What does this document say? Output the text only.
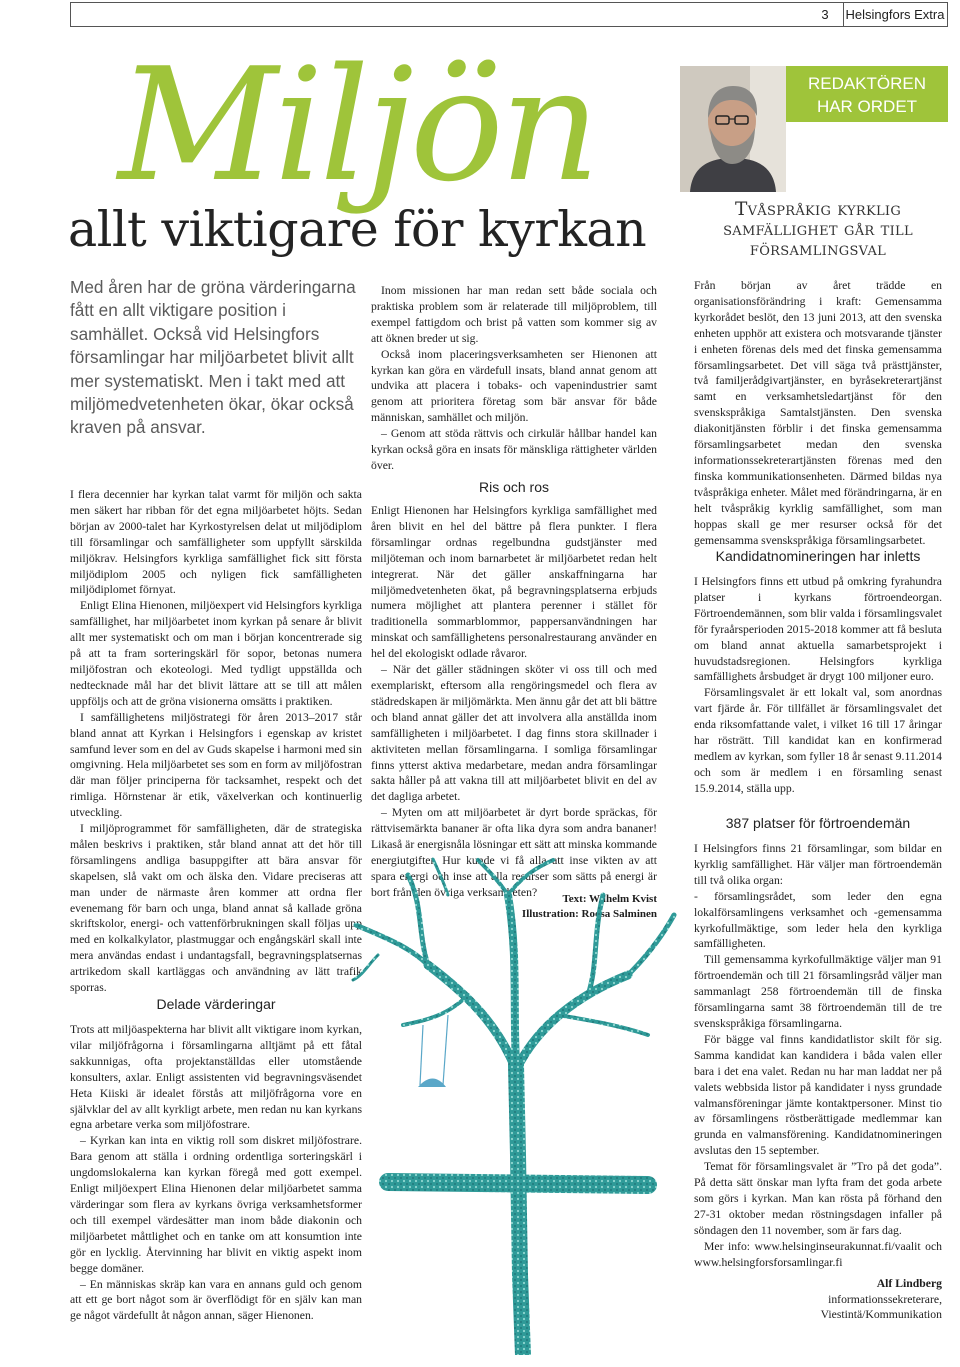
3	Helsingfors Extra
Miljön
allt viktigare för kyrkan
Med åren har de gröna värderingarna fått en allt viktigare position i samhället. Också vid Helsingfors församlingar har miljöarbetet blivit allt mer systematiskt. Men i takt med att miljömedvetenheten ökar, ökar också kraven på ansvar.

I flera decennier har kyrkan talat varmt för miljön och sakta men säkert har ribban för det egna miljöarbetet höjts. Sedan början av 2000-talet har Kyrkostyrelsen delat ut miljödiplom till församlingar och samfälligheter som uppfyllt särskilda miljökrav. Helsingfors kyrkliga samfällighet fick sitt första miljödiplom 2005 och nyligen fick samfälligheten miljödiplomet förnyat.

Enligt Elina Hienonen, miljöexpert vid Helsingfors kyrkliga samfällighet, har miljöarbetet inom kyrkan på senare år blivit allt mer systematiskt och om man i början koncentrerade sig på att ta fram sorteringskärl för sopor, betonas numera miljöfostran och ekoteologi. Med tydligt uppställda och nedtecknade mål har det blivit lättare att se till att målen uppföljs och att de gröna visionerna omsätts i praktiken.

I samfällighetens miljöstrategi för åren 2013–2017 står bland annat att Kyrkan i Helsingfors i egenskap av kristet samfund lever som en del av Guds skapelse i harmoni med sin omgivning. Hela miljöarbetet ses som en form av miljöfostran där man följer principerna för tacksamhet, respekt och det rimliga. Hörnstenar är etik, växelverkan och kontinuerlig utveckling.

I miljöprogrammet för samfälligheten, där de strategiska målen beskrivs i praktiken, står bland annat att det hör till församlingens andliga basuppgifter att bära ansvar för skapelsen, slå vakt om och älska den. Vidare preciseras att man under de närmaste åren kommer att ordna fler evenemang för barn och unga, bland annat så kallade gröna skriftskolor, energi- och vattenförbrukningen skall följas upp med en kolkalkylator, plastmuggar och engångskärl skall inte mera användas endast i undantagsfall, begravningsplatsernas artrikedom skall kartläggas och användning av lätt trafik sporras.

Delade värderingar

Trots att miljöaspekterna har blivit allt viktigare inom kyrkan, vilar miljöfrågorna i församlingarna alltjämt på ett fåtal sakkunnigas, ofta projektanställdas eller utomstående konsulters, axlar. Enligt assistenten vid begravningsväsendet Heta Kiiski är idealet förstås att miljöfrågorna vore en självklar del av allt kyrkligt arbete, men redan nu kan kyrkans egna arbetare verka som miljöfostrare.

– Kyrkan kan inta en viktig roll som diskret miljöfostrare. Bara genom att ställa i ordning ordentliga sorteringskärl i ungdomslokalerna kan kyrkan föregå med gott exempel. Enligt miljöexpert Elina Hienonen delar miljöarbetet samma värderingar som flera av kyrkans övriga verksamhetsformer och till exempel värdesätter man inom både diakonin och miljöarbetet måttlighet och en tanke om att konsumtion inte gör en lycklig. Återvinning har blivit en viktig aspekt inom begge domäner.

– En människas skräp kan vara en annans guld och genom att ett ge bort något som är överflödigt för en själv kan man ge något värdefullt åt någon annan, säger Hienonen.

Inom missionen har man redan sett både sociala och praktiska problem som är relaterade till miljöproblem, till exempel fattigdom och brist på vatten som kommer sig av att öknen breder ut sig.

Också inom placeringsverksamheten ser Hienonen att kyrkan kan göra en värdefull insats, bland annat genom att undvika att placera i tobaks- och vapenindustrier samt genom att prioritera företag som bär ansvar för både människan, samhället och miljön.

– Genom att stöda rättvis och cirkulär hållbar handel kan kyrkan också göra en insats för mänskliga rättigheter världen över.

Ris och ros

Enligt Hienonen har Helsingfors kyrkliga samfällighet med åren blivit en hel del bättre på flera punkter. I flera församlingar ordnas regelbundna gudstjänster med miljöteman och inom barnarbetet är miljöarbetet redan helt integrerat. När det gäller anskaffningarna har miljömedvetenheten ökat, på begravningsplatserna erbjuds numera möjlighet att plantera perenner i stället för traditionella sommarblommor, pappersanvändningen har minskat och samfällighetens personalrestaurang använder en hel del ekologiskt odlade råvaror.

– När det gäller städningen sköter vi oss till och med exemplariskt, eftersom alla rengöringsmedel och flera av städredskapen är miljömärkta. Men ännu går det att bli bättre och bland annat gäller det att involvera alla anställda inom samfälligheten i miljöarbetet. I dag finns stora skillnader i aktiviteten mellan församlingarna. I somliga församlingar finns ytterst aktiva medarbetare, medan andra församlingar sakta håller på att vakna till att miljöarbetet blivit en del av det dagliga arbetet.

– Myten om att miljöarbetet är dyrt borde spräckas, för rättvisemärkta bananer är ofta lika dyra som andra bananer! Likaså är energisnåla lösningar ett sätt att minska kommande energiutgifter. Hur kunde vi få alla att inse vikten av att spara energi och inse att alla resurser som sätts på energi är bort från den övriga verksamheten?

Text: Wilhelm Kvist
Illustration: Roosa Salminen
REDAKTÖREN
HAR ORDET
Tvåspråkig kyrklig samfällighet går till församlingsval

Från början av året trädde en organisationsförändring i kraft: Gemensamma kyrkorådet beslöt, den 13 juni 2013, att den svenska enheten upphör att existera och motsvarande tjänster i enheten förenas dels med det finska gemensamma församlingsarbetet. Det vill säga två prästtjänster, två familjerådgivartjänster, en byråsekreterartjänst samt en verksamhetsledartjänst för den svenskspråkiga Samtalstjänsten. Den svenska diakonitjänsten förblir i det finska gemensamma församlingsarbetet medan den svenska informationssekreterartjänsten förenas med den finska kommunikationsenheten. Därmed bildas nya tvåspråkiga enheter. Målet med förändringarna, är en helt tvåspråkig kyrklig samfällighet, som man hoppas skall ge mer resurser också för det gemensamma svenskspråkiga församlingsarbetet.

Kandidatnomineringen har inletts

I Helsingfors finns ett utbud på omkring fyrahundra platser i kyrkans förtroendeorgan. Förtroendemännen, som blir valda i församlingsvalet för fyraårsperioden 2015-2018 kommer att få besluta om bland annat aktuella samarbetsprojekt i huvudstadsregionen. Helsingfors kyrkliga samfällighets årsbudget är drygt 100 miljoner euro.

Församlingsvalet är ett lokalt val, som anordnas vart fjärde år. För tillfället är församlingsvalet det enda riksomfattande valet, i vilket 16 till 17 åringar har rösträtt. Till kandidat kan en konfirmerad medlem av kyrkan, som fyller 18 år senast 9.11.2014 och som är medlem i en församling senast 15.9.2014, ställa upp.

387 platser för förtroendemän

I Helsingfors finns 21 församlingar, som bildar en kyrklig samfällighet. Här väljer man förtroendemän till två olika organ:

- församlingsrådet, som leder den egna lokalförsamlingens verksamhet och -gemensamma kyrkofullmäktige, som leder hela den kyrkliga samfälligheten.

Till gemensamma kyrkofullmäktige väljer man 91 förtroendemän och till 21 församlingsråd väljer man sammanlagt 258 förtroendemän till de finska församlingarna samt 38 förtroendemän till de tre svenskspråkiga församlingarna.

För bägge val finns kandidatlistor skilt för sig. Samma kandidat kan kandidera i båda valen eller bara i det ena valet. Redan nu har man laddat ner på valets webbsida listor på kandidater i nyss grundade valmansföreningar jämte kontaktpersoner. Minst tio av församlingens röstberättigade medlemmar kan grunda en valmansförening. Kandidatnomineringen avslutas den 15 september.

Temat för församlingsvalet är ”Tro på det goda”. På detta sätt önskar man lyfta fram det goda arbete som görs i kyrkan. Man kan rösta på förhand den 27-31 oktober medan röstningsdagen infaller på söndagen den 11 november, som är fars dag.

Mer info: www.helsinginseurakunnat.fi/vaalit och www.helsingforsforsamlingar.fi

Alf Lindberg
informationssekreterare,
Viestintä/Kommunikation
